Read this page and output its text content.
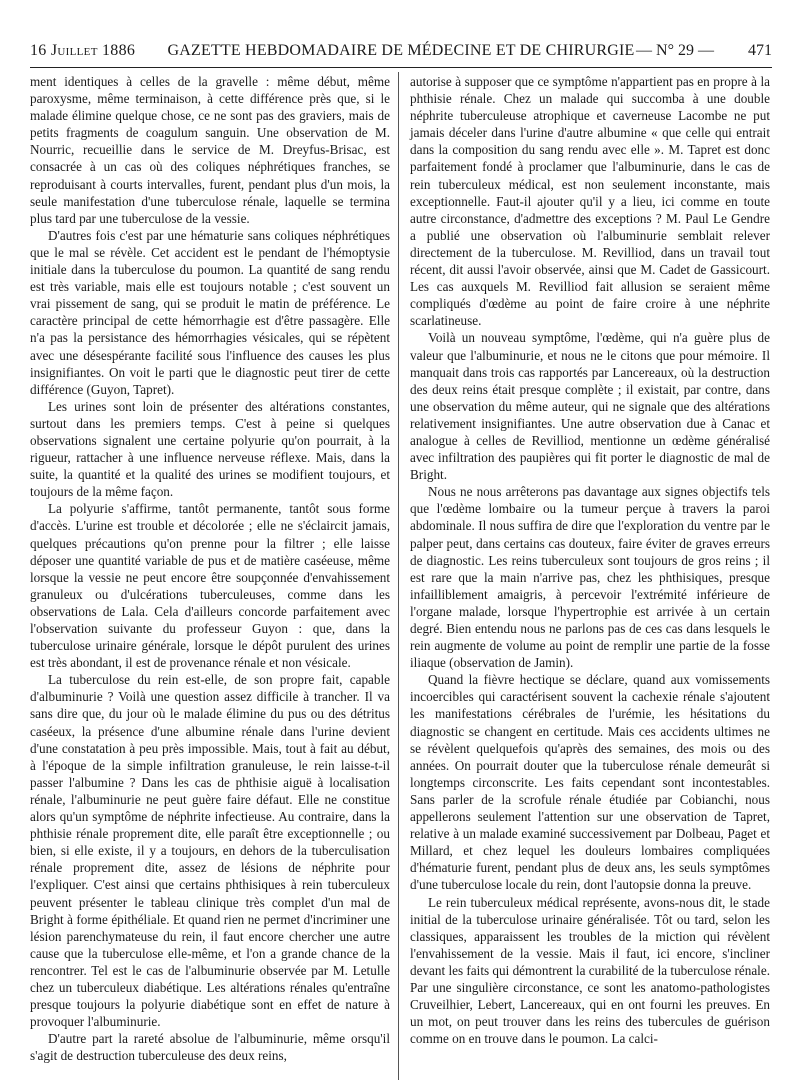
16 Juillet 1886	GAZETTE HEBDOMADAIRE DE MÉDECINE ET DE CHIRURGIE — N° 29 — 471

ment identiques à celles de la gravelle : même début, même paroxysme, même terminaison, à cette différence près que, si le malade élimine quelque chose, ce ne sont pas des graviers, mais de petits fragments de coagulum sanguin. Une observation de M. Nourric, recueillie dans le service de M. Dreyfus-Brisac, est consacrée à un cas où des coliques néphrétiques franches, se reproduisant à courts intervalles, furent, pendant plus d'un mois, la seule manifestation d'une tuberculose rénale, laquelle se termina plus tard par une tuberculose de la vessie.

D'autres fois c'est par une hématurie sans coliques néphrétiques que le mal se révèle. Cet accident est le pendant de l'hémoptysie initiale dans la tuberculose du poumon. La quantité de sang rendu est très variable, mais elle est toujours notable ; c'est souvent un vrai pissement de sang, qui se produit le matin de préférence. Le caractère principal de cette hémorrhagie est d'être passagère. Elle n'a pas la persistance des hémorrhagies vésicales, qui se répètent avec une désespérante facilité sous l'influence des causes les plus insignifiantes. On voit le parti que le diagnostic peut tirer de cette différence (Guyon, Tapret).

Les urines sont loin de présenter des altérations constantes, surtout dans les premiers temps. C'est à peine si quelques observations signalent une certaine polyurie qu'on pourrait, à la rigueur, rattacher à une influence nerveuse réflexe. Mais, dans la suite, la quantité et la qualité des urines se modifient toujours, et toujours de la même façon.

La polyurie s'affirme, tantôt permanente, tantôt sous forme d'accès. L'urine est trouble et décolorée ; elle ne s'éclaircit jamais, quelques précautions qu'on prenne pour la filtrer ; elle laisse déposer une quantité variable de pus et de matière caséeuse, même lorsque la vessie ne peut encore être soupçonnée d'envahissement granuleux ou d'ulcérations tuberculeuses, comme dans les observations de Lala. Cela d'ailleurs concorde parfaitement avec l'observation suivante du professeur Guyon : que, dans la tuberculose urinaire générale, lorsque le dépôt purulent des urines est très abondant, il est de provenance rénale et non vésicale.

La tuberculose du rein est-elle, de son propre fait, capable d'albuminurie ? Voilà une question assez difficile à trancher. Il va sans dire que, du jour où le malade élimine du pus ou des détritus caséeux, la présence d'une albumine rénale dans l'urine devient d'une constatation à peu près impossible. Mais, tout à fait au début, à l'époque de la simple infiltration granuleuse, le rein laisse-t-il passer l'albumine ? Dans les cas de phthisie aiguë à localisation rénale, l'albuminurie ne peut guère faire défaut. Elle ne constitue alors qu'un symptôme de néphrite infectieuse. Au contraire, dans la phthisie rénale proprement dite, elle paraît être exceptionnelle ; ou bien, si elle existe, il y a toujours, en dehors de la tuberculisation rénale proprement dite, assez de lésions de néphrite pour l'expliquer. C'est ainsi que certains phthisiques à rein tuberculeux peuvent présenter le tableau clinique très complet d'un mal de Bright à forme épithéliale. Et quand rien ne permet d'incriminer une lésion parenchymateuse du rein, il faut encore chercher une autre cause que la tuberculose elle-même, et l'on a grande chance de la rencontrer. Tel est le cas de l'albuminurie observée par M. Letulle chez un tuberculeux diabétique. Les altérations rénales qu'entraîne presque toujours la polyurie diabétique sont en effet de nature à provoquer l'albuminurie.

D'autre part la rareté absolue de l'albuminurie, même orsqu'il s'agit de destruction tuberculeuse des deux reins,

autorise à supposer que ce symptôme n'appartient pas en propre à la phthisie rénale. Chez un malade qui succomba à une double néphrite tuberculeuse atrophique et caverneuse Lacombe ne put jamais déceler dans l'urine d'autre albumine « que celle qui entrait dans la composition du sang rendu avec elle ». M. Tapret est donc parfaitement fondé à proclamer que l'albuminurie, dans le cas de rein tuberculeux médical, est non seulement inconstante, mais exceptionnelle. Faut-il ajouter qu'il y a lieu, ici comme en toute autre circonstance, d'admettre des exceptions ? M. Paul Le Gendre a publié une observation où l'albuminurie semblait relever directement de la tuberculose. M. Revilliod, dans un travail tout récent, dit aussi l'avoir observée, ainsi que M. Cadet de Gassicourt. Les cas auxquels M. Revilliod fait allusion se seraient même compliqués d'œdème au point de faire croire à une néphrite scarlatineuse.

Voilà un nouveau symptôme, l'œdème, qui n'a guère plus de valeur que l'albuminurie, et nous ne le citons que pour mémoire. Il manquait dans trois cas rapportés par Lancereaux, où la destruction des deux reins était presque complète ; il existait, par contre, dans une observation du même auteur, qui ne signale que des altérations relativement insignifiantes. Une autre observation due à Canac et analogue à celles de Revilliod, mentionne un œdème généralisé avec infiltration des paupières qui fit porter le diagnostic de mal de Bright.

Nous ne nous arrêterons pas davantage aux signes objectifs tels que l'œdème lombaire ou la tumeur perçue à travers la paroi abdominale. Il nous suffira de dire que l'exploration du ventre par le palper peut, dans certains cas douteux, faire éviter de graves erreurs de diagnostic. Les reins tuberculeux sont toujours de gros reins ; il est rare que la main n'arrive pas, chez les phthisiques, presque infailliblement amaigris, à percevoir l'extrémité inférieure de l'organe malade, lorsque l'hypertrophie est arrivée à un certain degré. Bien entendu nous ne parlons pas de ces cas dans lesquels le rein augmente de volume au point de remplir une partie de la fosse iliaque (observation de Jamin).

Quand la fièvre hectique se déclare, quand aux vomissements incoercibles qui caractérisent souvent la cachexie rénale s'ajoutent les manifestations cérébrales de l'urémie, les hésitations du diagnostic se changent en certitude. Mais ces accidents ultimes ne se révèlent quelquefois qu'après des semaines, des mois ou des années. On pourrait douter que la tuberculose rénale demeurât si longtemps circonscrite. Les faits cependant sont incontestables. Sans parler de la scrofule rénale étudiée par Cobianchi, nous appellerons seulement l'attention sur une observation de Tapret, relative à un malade examiné successivement par Dolbeau, Paget et Millard, et chez lequel les douleurs lombaires compliquées d'hématurie furent, pendant plus de deux ans, les seuls symptômes d'une tuberculose locale du rein, dont l'autopsie donna la preuve.

Le rein tuberculeux médical représente, avons-nous dit, le stade initial de la tuberculose urinaire généralisée. Tôt ou tard, selon les classiques, apparaissent les troubles de la miction qui révèlent l'envahissement de la vessie. Mais il faut, ici encore, s'incliner devant les faits qui démontrent la curabilité de la tuberculose rénale. Par une singulière circonstance, ce sont les anatomo-pathologistes Cruveilhier, Lebert, Lancereaux, qui en ont fourni les preuves. En un mot, on peut trouver dans les reins des tubercules de guérison comme on en trouve dans le poumon. La calci-
